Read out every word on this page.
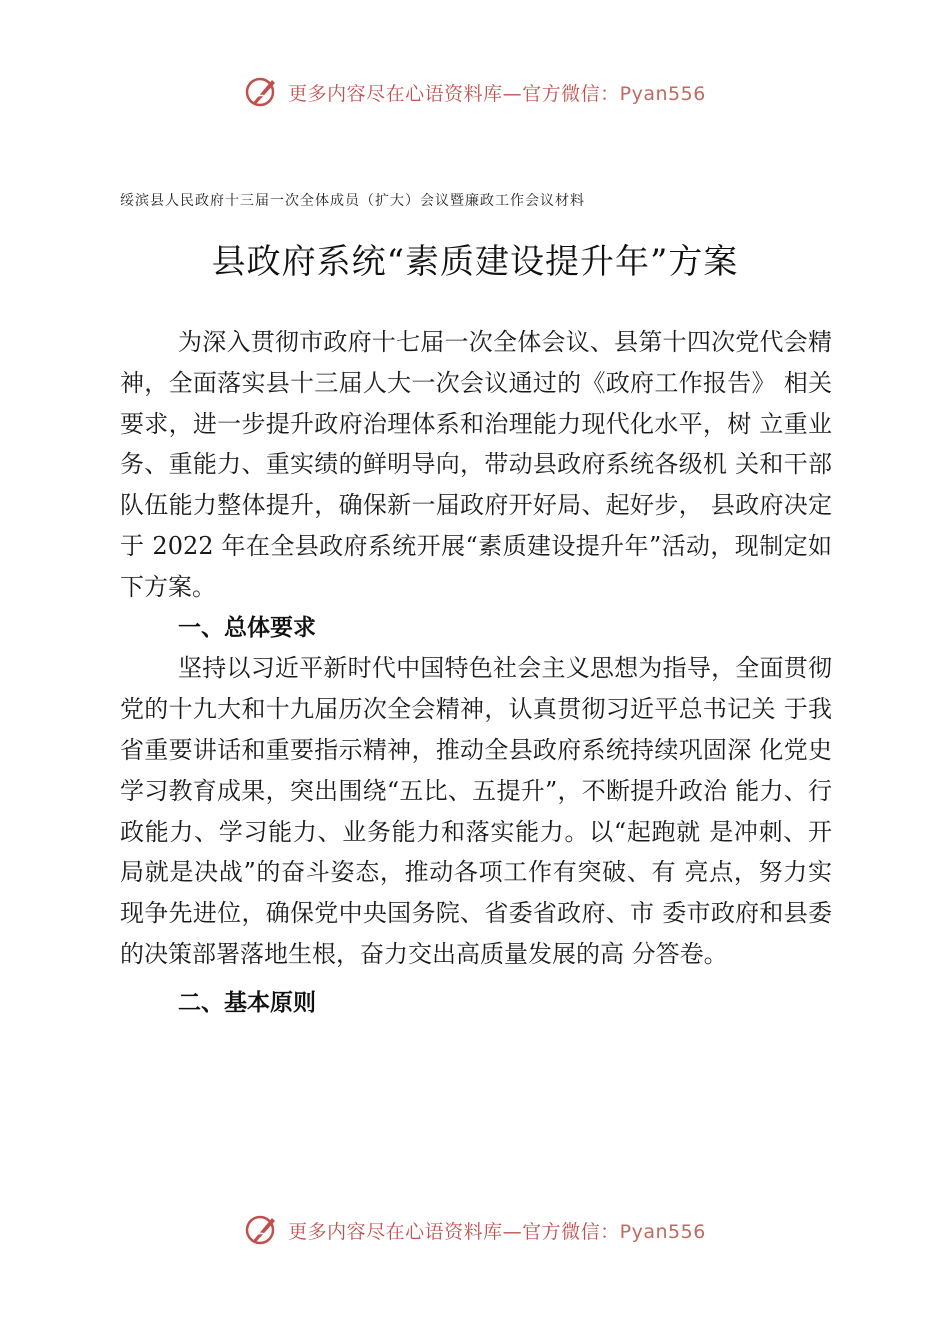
更多内容尽在心语资料库—官方微信：Pyan556
绥滨县人民政府十三届一次全体成员（扩大）会议暨廉政工作会议材料
县政府系统“素质建设提升年”方案

为深入贯彻市政府十七届一次全体会议、县第十四次党代会精神，全面落实县十三届人大一次会议通过的《政府工作报告》 相关要求，进一步提升政府治理体系和治理能力现代化水平，树 立重业务、重能力、重实绩的鲜明导向，带动县政府系统各级机 关和干部队伍能力整体提升，确保新一届政府开好局、起好步， 县政府决定于 2022 年在全县政府系统开展“素质建设提升年”活动，现制定如下方案。

一、总体要求

坚持以习近平新时代中国特色社会主义思想为指导，全面贯彻党的十九大和十九届历次全会精神，认真贯彻习近平总书记关 于我省重要讲话和重要指示精神，推动全县政府系统持续巩固深 化党史学习教育成果，突出围绕“五比、五提升”，不断提升政治 能力、行政能力、学习能力、业务能力和落实能力。以“起跑就 是冲刺、开局就是决战”的奋斗姿态，推动各项工作有突破、有 亮点，努力实现争先进位，确保党中央国务院、省委省政府、市 委市政府和县委的决策部署落地生根，奋力交出高质量发展的高 分答卷。

二、基本原则

更多内容尽在心语资料库—官方微信：Pyan556
